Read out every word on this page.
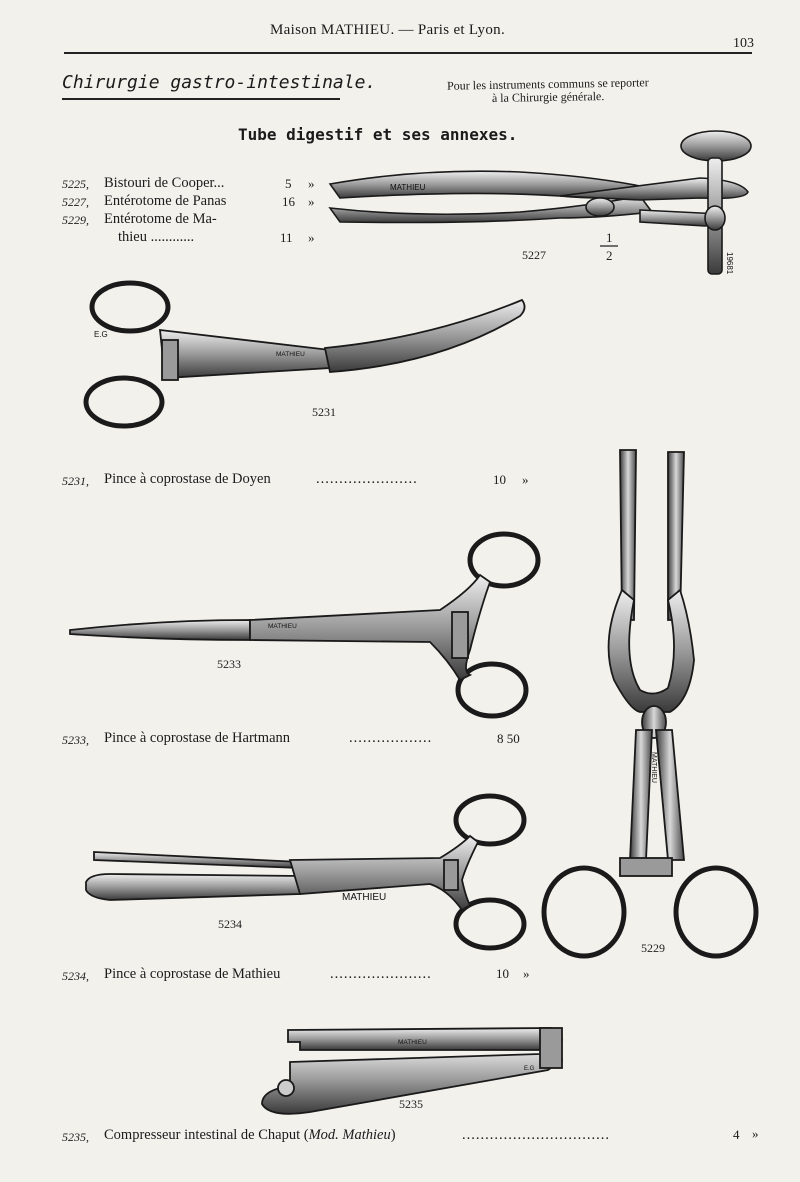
Maison MATHIEU. — Paris et Lyon.
103
Chirurgie gastro-intestinale.	Pour les instruments communs se reporter
à la Chirurgie générale.
Tube digestif et ses annexes.
5225, Bistouri de Cooper...	5 »
5227, Entérotome de Panas	16 »
5229, Entérotome de Ma-
thieu ............	11 »
MATHIEU
19681
5227
1
2
E.G
MATHIEU
5231
MATHIEU
5233
MATHIEU
5234
MATHIEU
5229
MATHIEU
E.G
5235
5231, Pince à coprostase de Doyen	......................	10 »
5233, Pince à coprostase de Hartmann	..................	8 50
5234, Pince à coprostase de Mathieu	......................	10 »
5235, Compresseur intestinal de Chaput (Mod. Mathieu)	................................	4 »
